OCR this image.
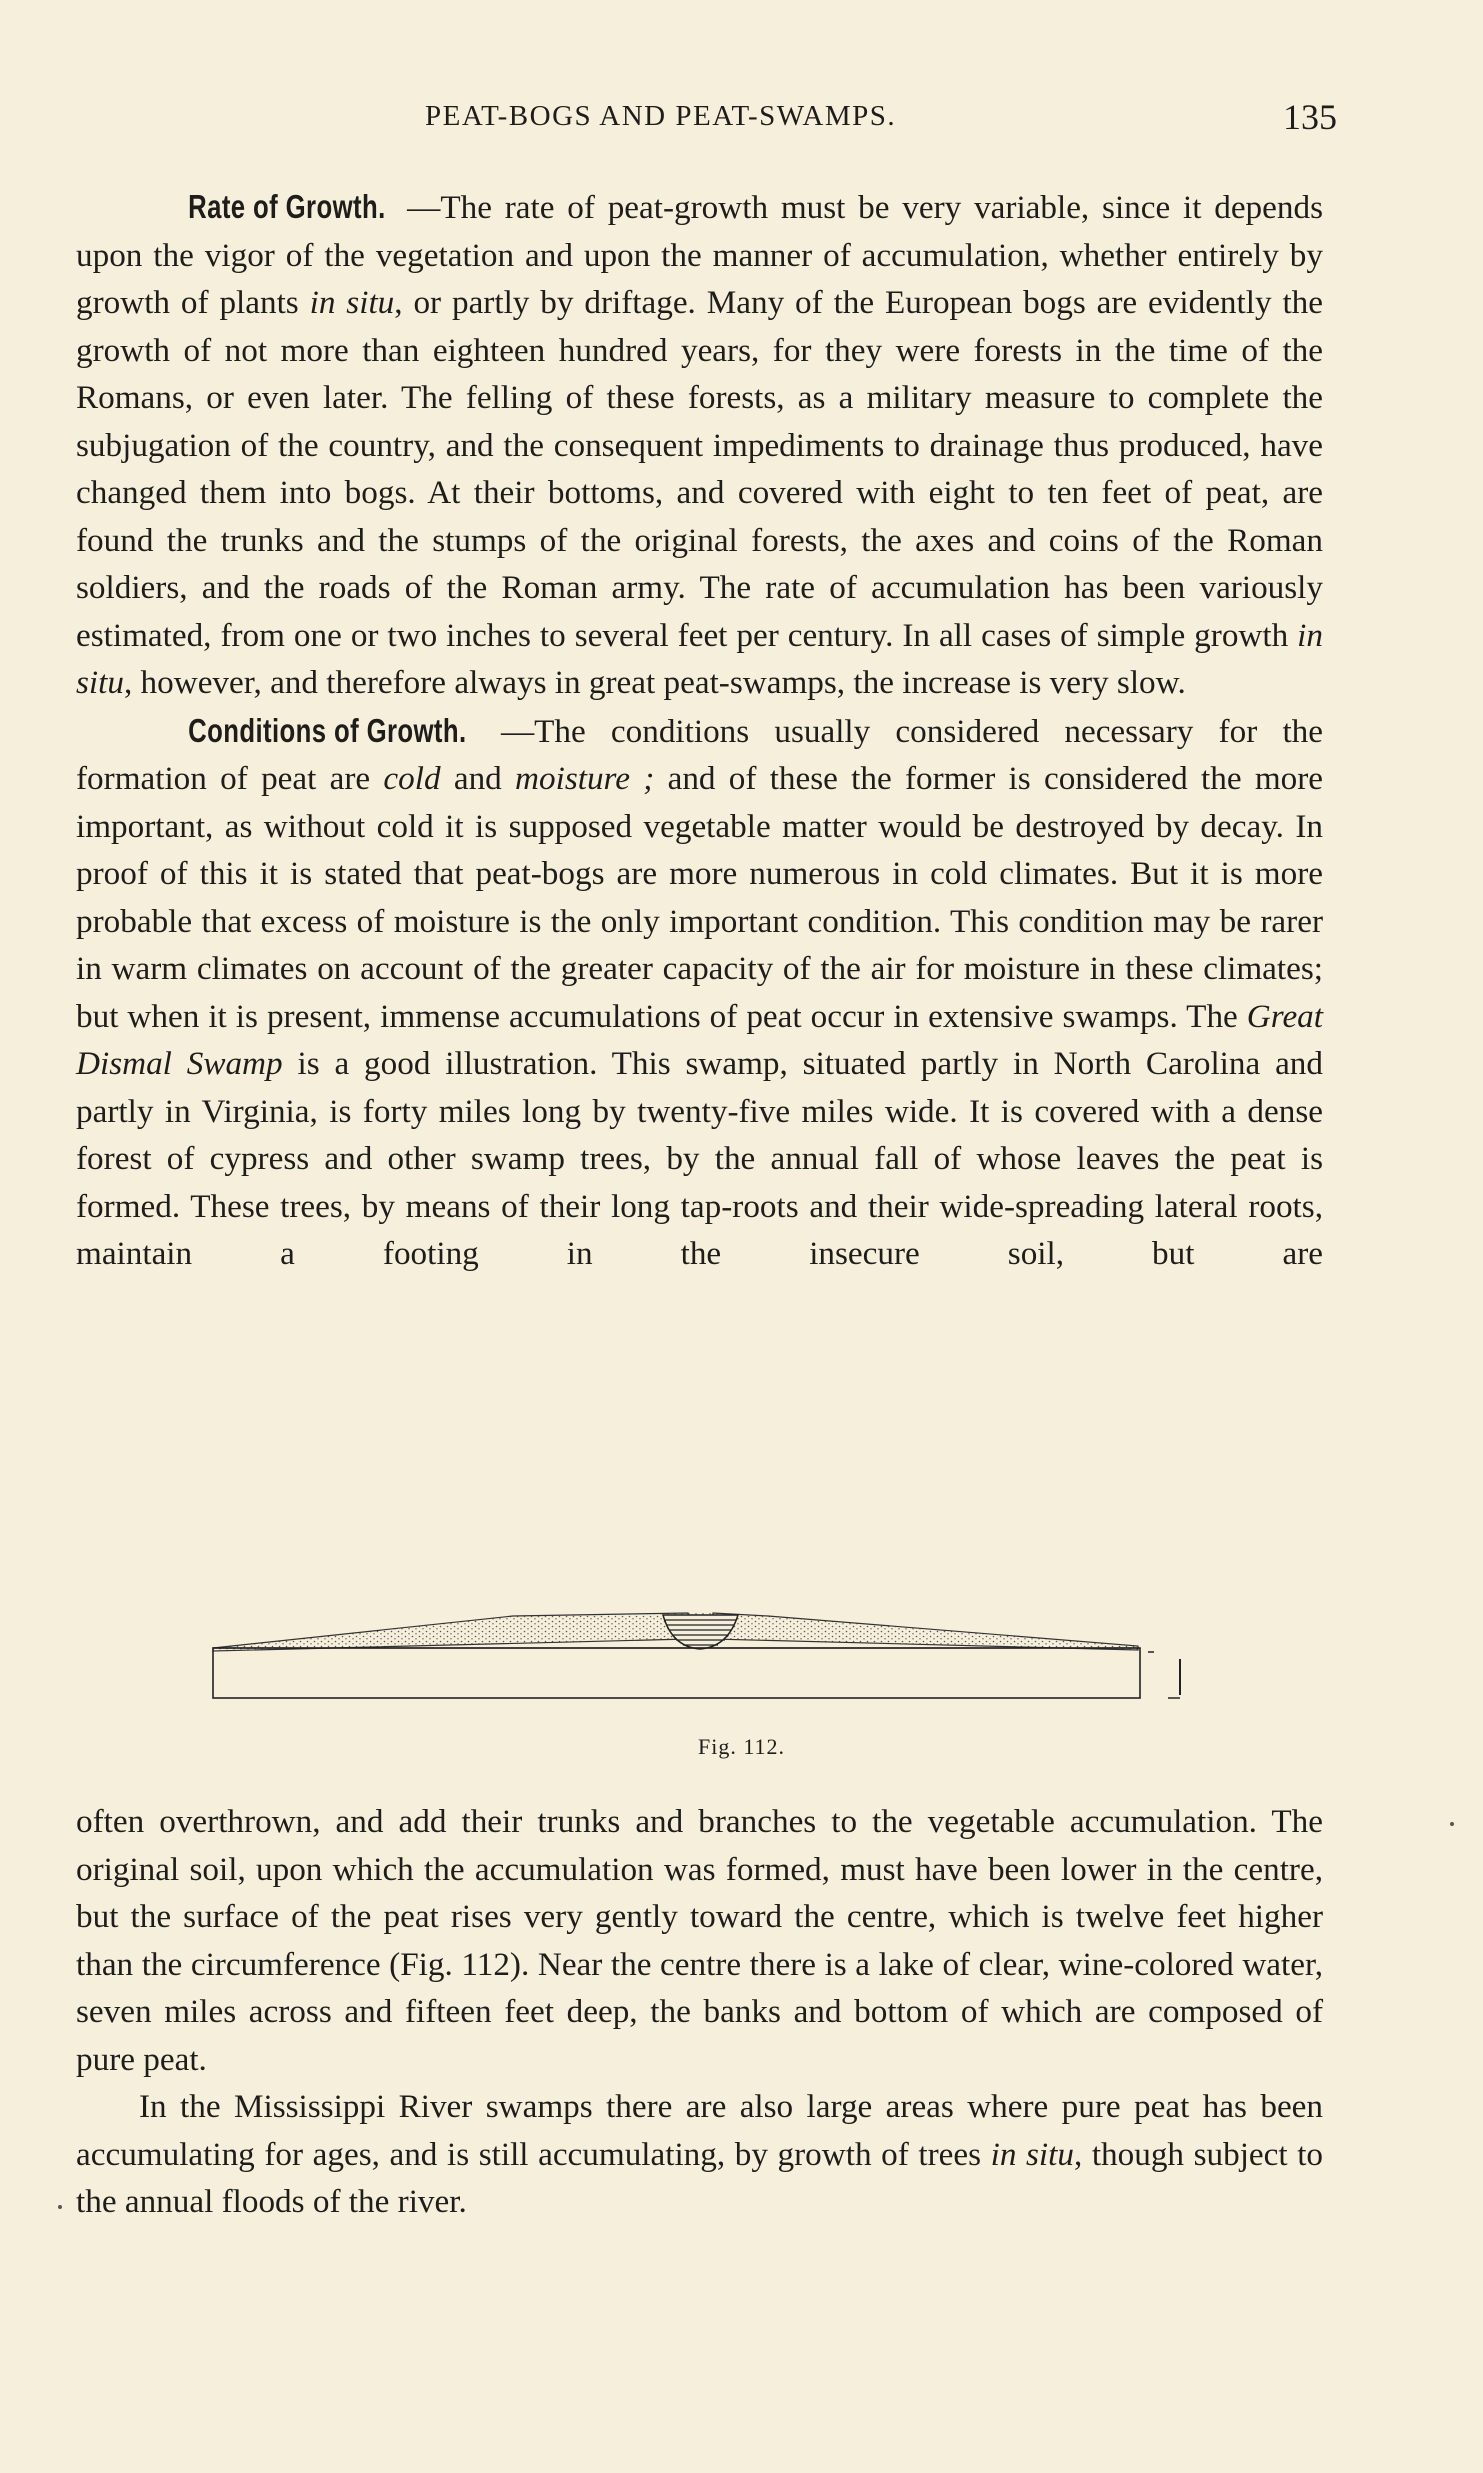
PEAT-BOGS AND PEAT-SWAMPS.	135

Rate of Growth. —The rate of peat-growth must be very variable, since it depends upon the vigor of the vegetation and upon the manner of accumulation, whether entirely by growth of plants in situ, or partly by driftage. Many of the European bogs are evidently the growth of not more than eighteen hundred years, for they were forests in the time of the Romans, or even later. The felling of these forests, as a military measure to complete the subjugation of the country, and the consequent impediments to drainage thus produced, have changed them into bogs. At their bottoms, and covered with eight to ten feet of peat, are found the trunks and the stumps of the original forests, the axes and coins of the Roman soldiers, and the roads of the Roman army. The rate of accumulation has been variously estimated, from one or two inches to several feet per century. In all cases of simple growth in situ, however, and therefore always in great peat-swamps, the increase is very slow.

Conditions of Growth. —The conditions usually considered necessary for the formation of peat are cold and moisture ; and of these the former is considered the more important, as without cold it is supposed vegetable matter would be destroyed by decay. In proof of this it is stated that peat-bogs are more numerous in cold climates. But it is more probable that excess of moisture is the only important condition. This condition may be rarer in warm climates on account of the greater capacity of the air for moisture in these climates; but when it is present, immense accumulations of peat occur in extensive swamps. The Great Dismal Swamp is a good illustration. This swamp, situated partly in North Carolina and partly in Virginia, is forty miles long by twenty-five miles wide. It is covered with a dense forest of cypress and other swamp trees, by the annual fall of whose leaves the peat is formed. These trees, by means of their long tap-roots and their wide-spreading lateral roots, maintain a footing in the insecure soil, but are

Fig. 112.

often overthrown, and add their trunks and branches to the vegetable accumulation. The original soil, upon which the accumulation was formed, must have been lower in the centre, but the surface of the peat rises very gently toward the centre, which is twelve feet higher than the circumference (Fig. 112). Near the centre there is a lake of clear, wine-colored water, seven miles across and fifteen feet deep, the banks and bottom of which are composed of pure peat.

In the Mississippi River swamps there are also large areas where pure peat has been accumulating for ages, and is still accumulating, by growth of trees in situ, though subject to the annual floods of the river.
